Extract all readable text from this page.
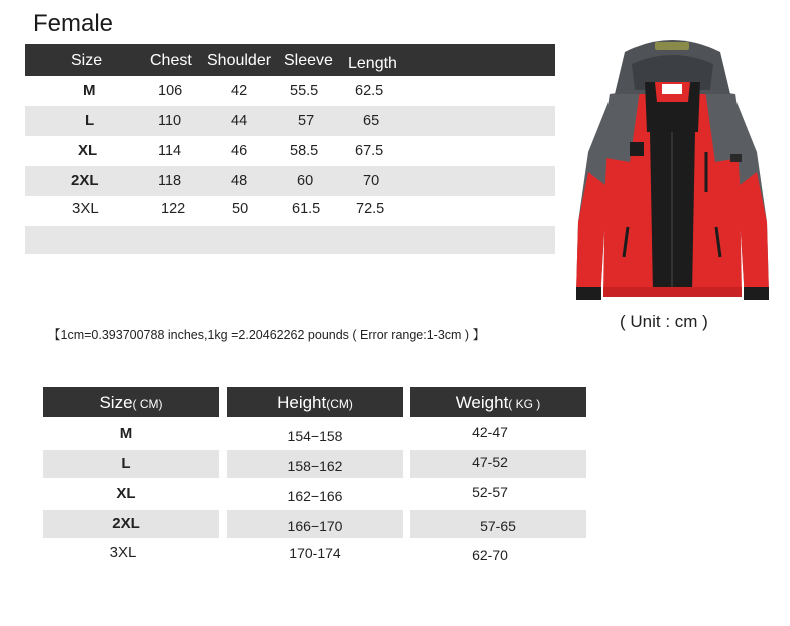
Female
Size	Chest Shoulder Sleeve Length
M	106	42	55.5	62.5
L	110	44	57	65
XL	114	46	58.5	67.5
2XL	118	48	60	70
3XL	122	50	61.5 72.5
【1cm=0.393700788 inches,1kg =2.20462262 pounds ( Error range:1-3cm ) 】
( Unit : cm )
Size( CM)	Height(CM)	Weight( KG )
M	154−158	42-47
L	158−162	47-52
XL	162−166	52-57
2XL	166−170	57-65
3XL	170-174	62-70
